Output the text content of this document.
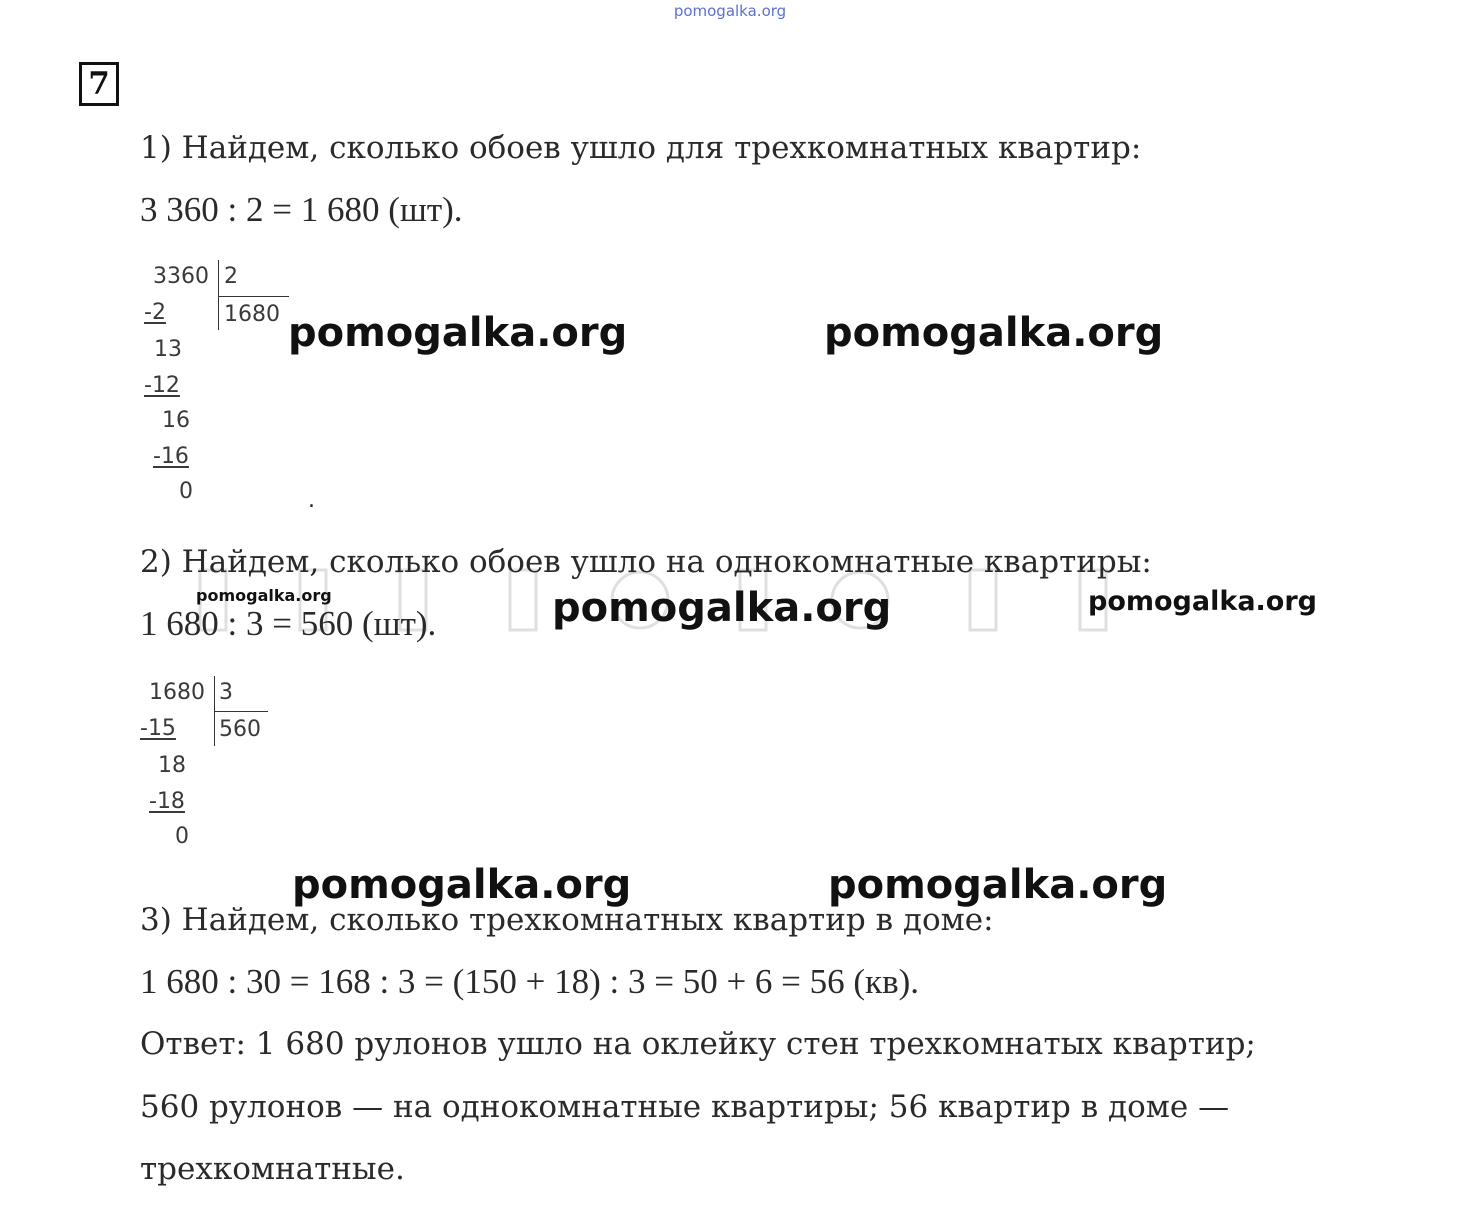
pomogalka.org
7
1) Найдем, сколько обоев ушло для трехкомнатных квартир:
3 360 : 2 = 1 680 (шт).
3360 2
1680
-2
13
-12
16
-16
0
pomogalka.org	pomogalka.org
.
2) Найдем, сколько обоев ушло на однокомнатные квартиры:
pomogalka.org
1 680 : 3 = 560 (шт).	pomogalka.org	pomogalka.org
1680 3
560
-15
18
-18
0
pomogalka.org	pomogalka.org
3) Найдем, сколько трехкомнатных квартир в доме:
1 680 : 30 = 168 : 3 = (150 + 18) : 3 = 50 + 6 = 56 (кв).
Ответ: 1 680 рулонов ушло на оклейку стен трехкомнатых квартир;
560 рулонов — на однокомнатные квартиры; 56 квартир в доме —
трехкомнатные.
